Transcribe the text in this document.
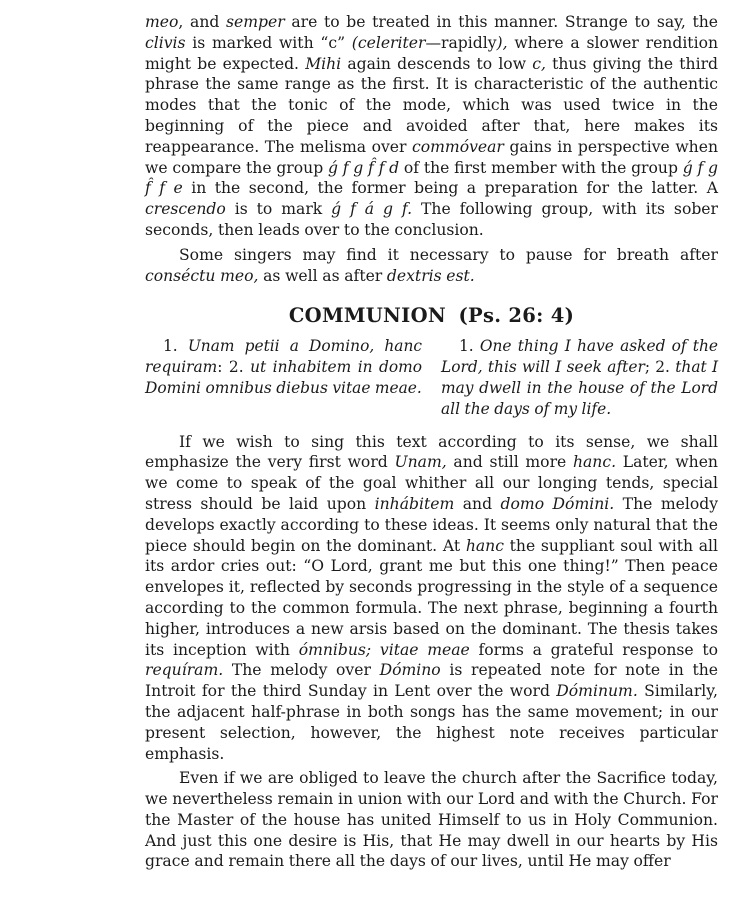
meo, and semper are to be treated in this manner. Strange to say, the clivis is marked with “c” (celeriter—rapidly), where a slower rendition might be expected. Mihi again descends to low c, thus giving the third phrase the same range as the first. It is characteristic of the authentic modes that the tonic of the mode, which was used twice in the beginning of the piece and avoided after that, here makes its reappearance. The melisma over commóvear gains in perspective when we compare the group ǵ f g f̂ f d of the first member with the group ǵ f g f̂ f e in the second, the former being a preparation for the latter. A crescendo is to mark ǵ f á g f. The following group, with its sober seconds, then leads over to the conclusion.

Some singers may find it necessary to pause for breath after conséctu meo, as well as after dextris est.

COMMUNION (Ps. 26: 4)

1. Unam petii a Domino, hanc requiram: 2. ut inhabitem in domo Domini omnibus diebus vitae meae.

1. One thing I have asked of the Lord, this will I seek after; 2. that I may dwell in the house of the Lord all the days of my life.

If we wish to sing this text according to its sense, we shall emphasize the very first word Unam, and still more hanc. Later, when we come to speak of the goal whither all our longing tends, special stress should be laid upon inhábitem and domo Dómini. The melody develops exactly according to these ideas. It seems only natural that the piece should begin on the dominant. At hanc the suppliant soul with all its ardor cries out: “O Lord, grant me but this one thing!” Then peace envelopes it, reflected by seconds progressing in the style of a sequence according to the common formula. The next phrase, beginning a fourth higher, introduces a new arsis based on the dominant. The thesis takes its inception with ómnibus; vitae meae forms a grateful response to requíram. The melody over Dómino is repeated note for note in the Introit for the third Sunday in Lent over the word Dóminum. Similarly, the adjacent half-phrase in both songs has the same movement; in our present selection, however, the highest note receives particular emphasis.

Even if we are obliged to leave the church after the Sacrifice today, we nevertheless remain in union with our Lord and with the Church. For the Master of the house has united Himself to us in Holy Communion. And just this one desire is His, that He may dwell in our hearts by His grace and remain there all the days of our lives, until He may offer
